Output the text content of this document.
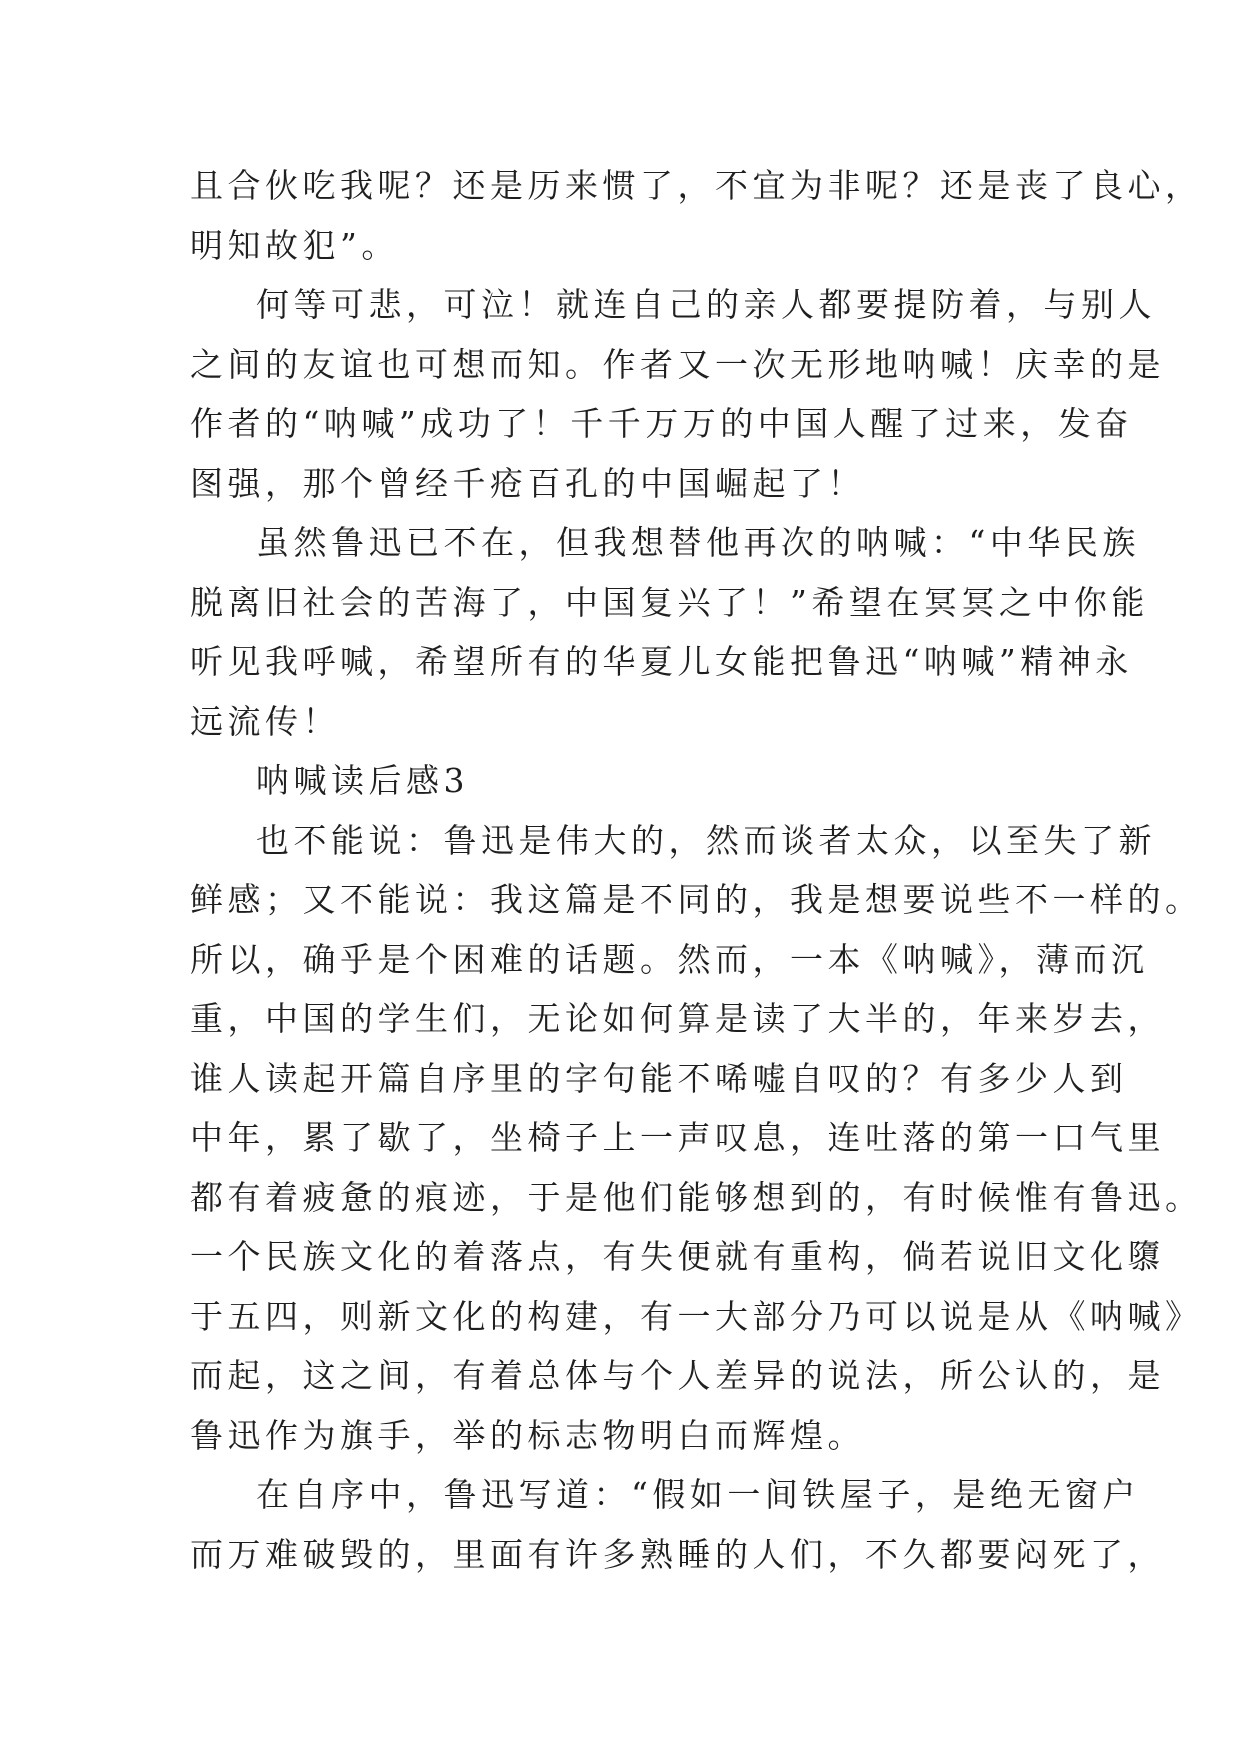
且合伙吃我呢？还是历来惯了，不宜为非呢？还是丧了良心，
明知故犯”。

何等可悲，可泣！就连自己的亲人都要提防着，与别人
之间的友谊也可想而知。作者又一次无形地呐喊！庆幸的是
作者的“呐喊”成功了！千千万万的中国人醒了过来，发奋
图强，那个曾经千疮百孔的中国崛起了！

虽然鲁迅已不在，但我想替他再次的呐喊：“中华民族
脱离旧社会的苦海了，中国复兴了！”希望在冥冥之中你能
听见我呼喊，希望所有的华夏儿女能把鲁迅“呐喊”精神永
远流传！

呐喊读后感3

也不能说：鲁迅是伟大的，然而谈者太众，以至失了新
鲜感；又不能说：我这篇是不同的，我是想要说些不一样的。
所以，确乎是个困难的话题。然而，一本《呐喊》，薄而沉
重，中国的学生们，无论如何算是读了大半的，年来岁去，
谁人读起开篇自序里的字句能不唏嘘自叹的？有多少人到
中年，累了歇了，坐椅子上一声叹息，连吐落的第一口气里
都有着疲惫的痕迹，于是他们能够想到的，有时候惟有鲁迅。
一个民族文化的着落点，有失便就有重构，倘若说旧文化隳
于五四，则新文化的构建，有一大部分乃可以说是从《呐喊》
而起，这之间，有着总体与个人差异的说法，所公认的，是
鲁迅作为旗手，举的标志物明白而辉煌。

在自序中，鲁迅写道：“假如一间铁屋子，是绝无窗户
而万难破毁的，里面有许多熟睡的人们，不久都要闷死了，
